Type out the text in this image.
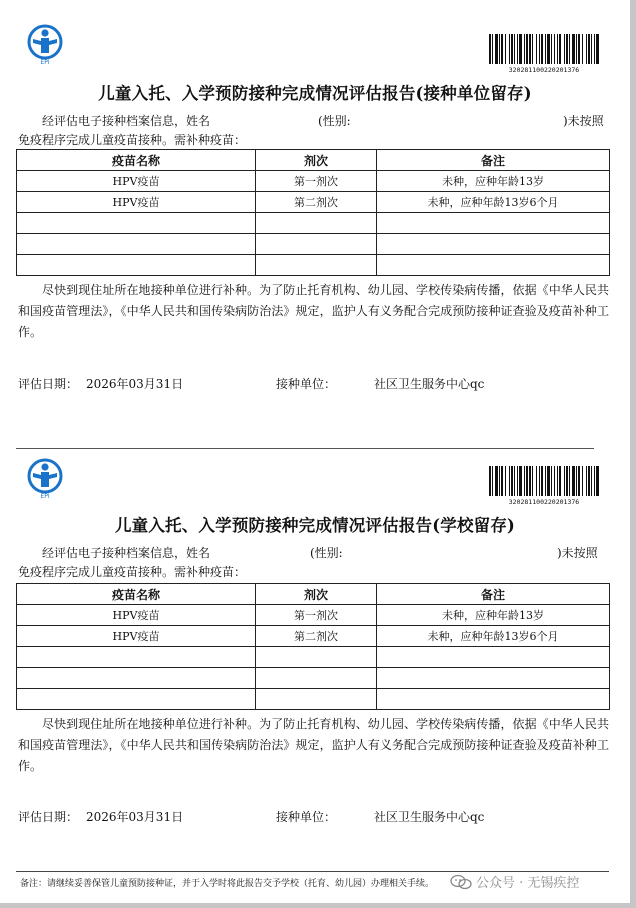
EPI
320281100220201376
儿童入托、入学预防接种完成情况评估报告(接种单位留存)
经评估电子接种档案信息，姓名	(性别:	)未按照
免疫程序完成儿童疫苗接种。需补种疫苗：
疫苗名称	剂次	备注
HPV疫苗	第一剂次	未种，应种年龄13岁
HPV疫苗	第二剂次	未种，应种年龄13岁6个月

尽快到现住址所在地接种单位进行补种。为了防止托育机构、幼儿园、学校传染病传播，依据《中华人民共和国疫苗管理法》，《中华人民共和国传染病防治法》规定，监护人有义务配合完成预防接种证查验及疫苗补种工作。
评估日期： 2026年03月31日	接种单位：	社区卫生服务中心qc
EPI
320281100220201376
儿童入托、入学预防接种完成情况评估报告(学校留存)
经评估电子接种档案信息，姓名	(性别:	)未按照
免疫程序完成儿童疫苗接种。需补种疫苗：
疫苗名称	剂次	备注
HPV疫苗	第一剂次	未种，应种年龄13岁
HPV疫苗	第二剂次	未种，应种年龄13岁6个月

尽快到现住址所在地接种单位进行补种。为了防止托育机构、幼儿园、学校传染病传播，依据《中华人民共和国疫苗管理法》，《中华人民共和国传染病防治法》规定，监护人有义务配合完成预防接种证查验及疫苗补种工作。
评估日期： 2026年03月31日	接种单位：	社区卫生服务中心qc
备注：请继续妥善保管儿童预防接种证，并于入学时将此报告交予学校（托育、幼儿园）办理相关手续。	公众号 · 无锡疾控
